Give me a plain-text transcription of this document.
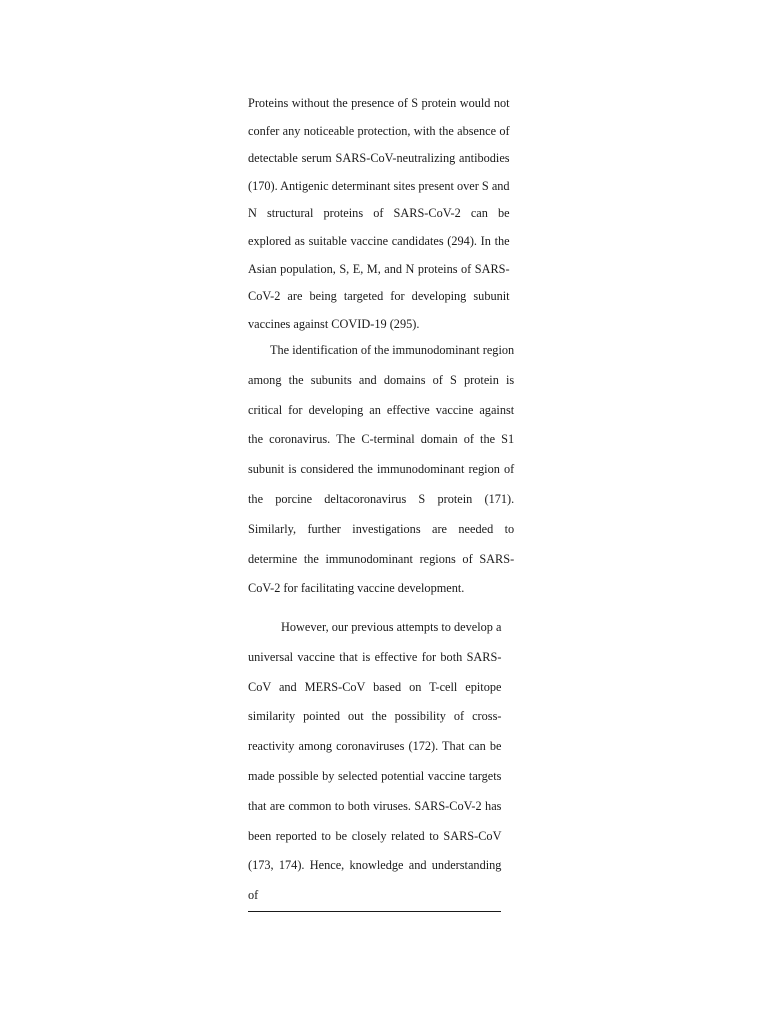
Proteins without the presence of S protein would not
confer any noticeable protection, with the absence of
detectable serum SARS-CoV-neutralizing antibodies
(170). Antigenic determinant sites present over S and
N structural proteins of SARS-CoV-2 can be
explored as suitable vaccine candidates (294). In the
Asian population, S, E, M, and N proteins of SARS-
CoV-2 are being targeted for developing subunit
vaccines against COVID-19 (295).
The identification of the immunodominant region
among the subunits and domains of S protein is
critical for developing an effective vaccine against
the coronavirus. The C-terminal domain of the S1
subunit is considered the immunodominant region of
the porcine deltacoronavirus S protein (171).
Similarly, further investigations are needed to
determine the immunodominant regions of SARS-
CoV-2 for facilitating vaccine development.
However, our previous attempts to develop a
universal vaccine that is effective for both SARS-
CoV and MERS-CoV based on T-cell epitope
similarity pointed out the possibility of cross-
reactivity among coronaviruses (172). That can be
made possible by selected potential vaccine targets
that are common to both viruses. SARS-CoV-2 has
been reported to be closely related to SARS-CoV
(173, 174). Hence, knowledge and understanding
of
